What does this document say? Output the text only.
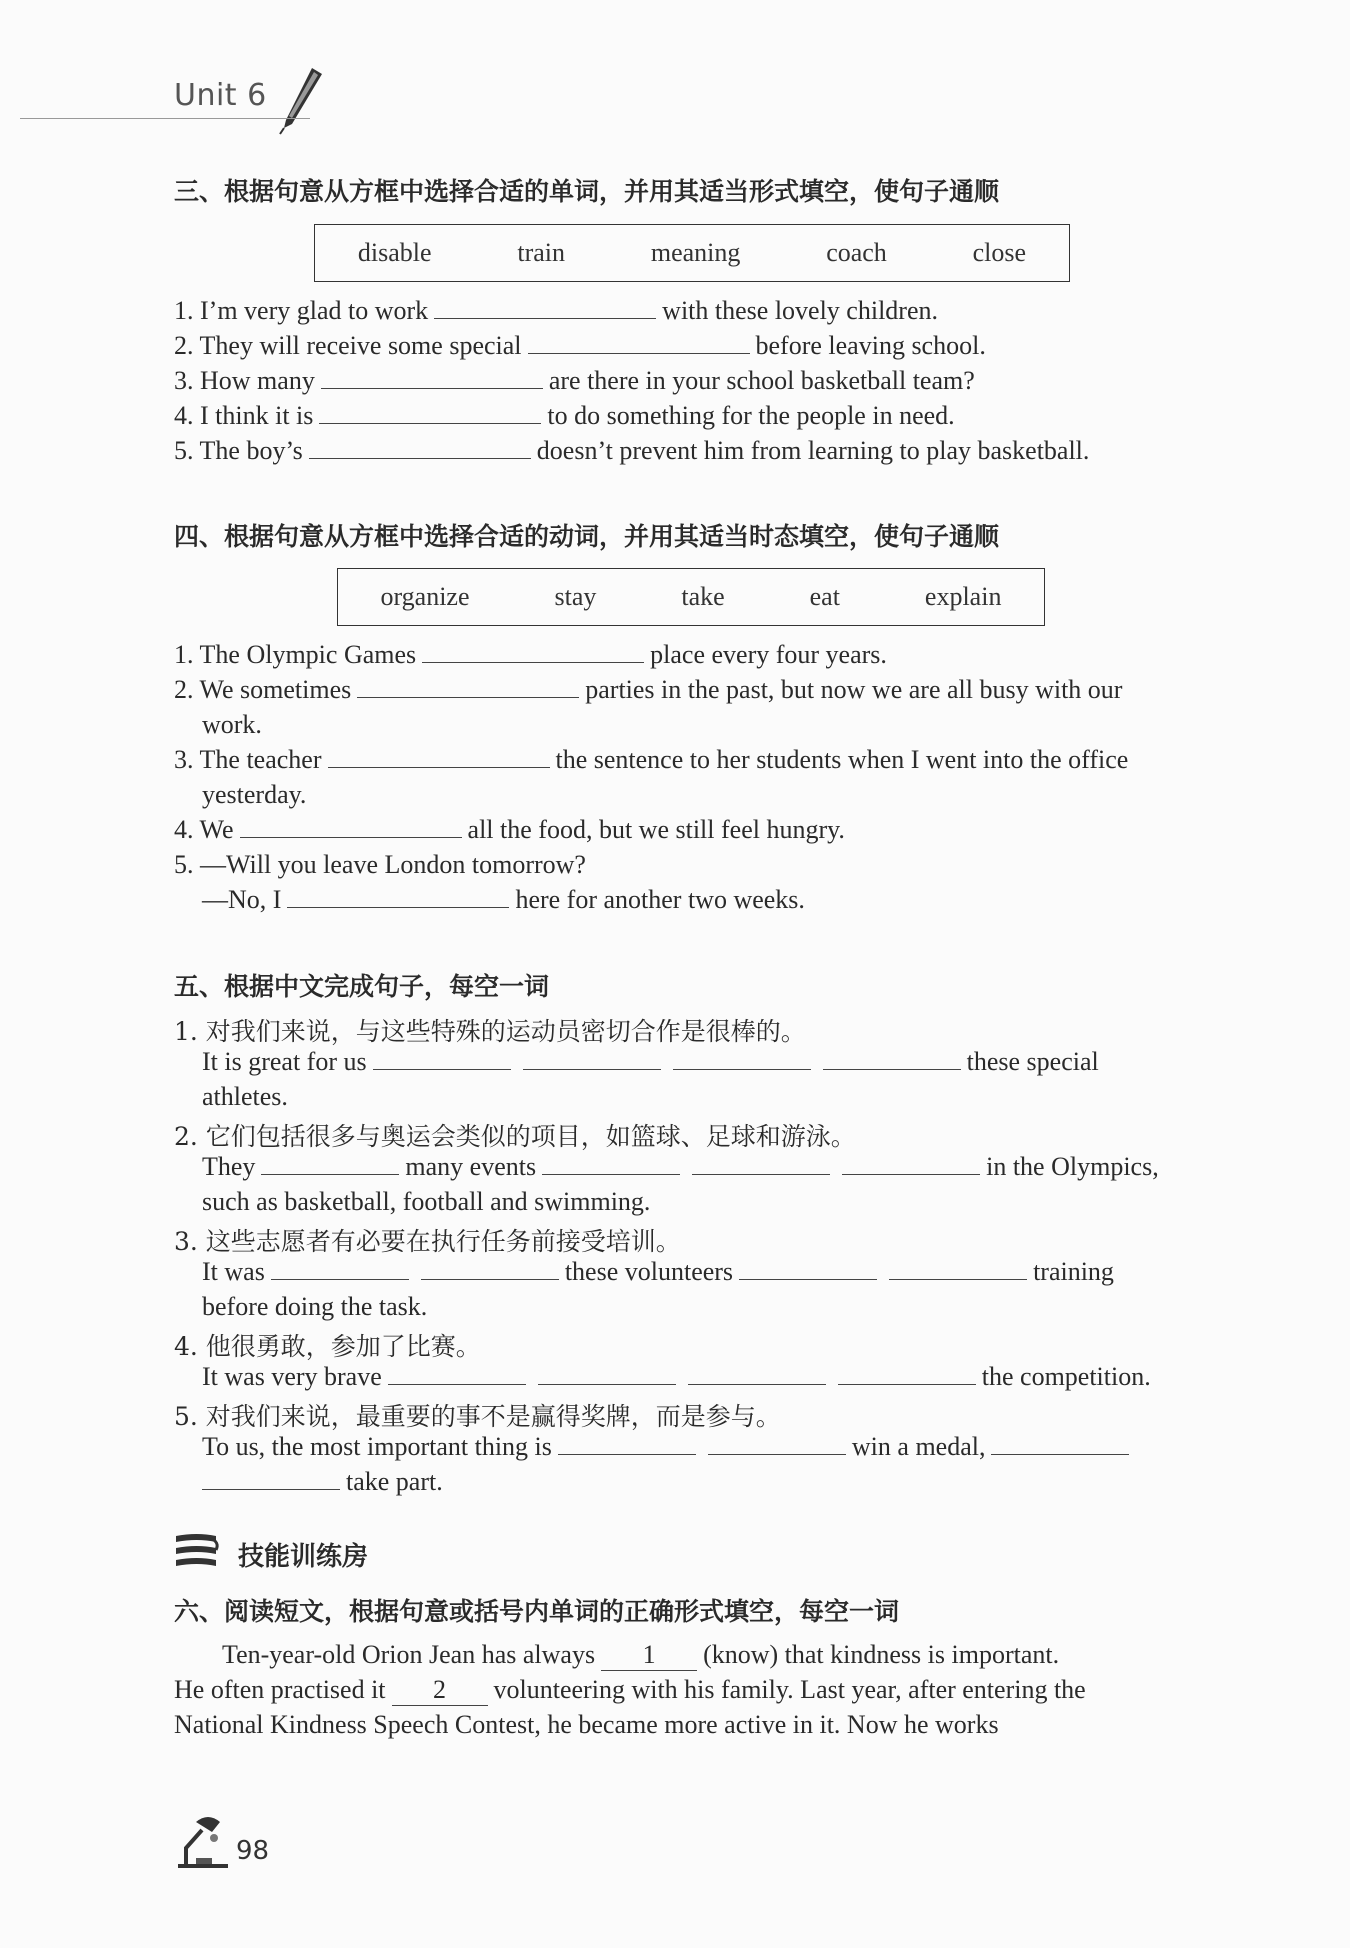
Unit 6
三、根据句意从方框中选择合适的单词，并用其适当形式填空，使句子通顺
disable	train	meaning	coach	close
1. I’m very glad to work	with these lovely children.
2. They will receive some special	before leaving school.
3. How many	are there in your school basketball team?
4. I think it is	to do something for the people in need.
5. The boy’s	doesn’t prevent him from learning to play basketball.
四、根据句意从方框中选择合适的动词，并用其适当时态填空，使句子通顺
organize	stay	take	eat	explain
1. The Olympic Games	place every four years.
2. We sometimes	parties in the past, but now we are all busy with our
work.
3. The teacher	the sentence to her students when I went into the office
yesterday.
4. We	all the food, but we still feel hungry.
5. —Will you leave London tomorrow?
—No, I	here for another two weeks.
五、根据中文完成句子，每空一词
1. 对我们来说，与这些特殊的运动员密切合作是很棒的。
It is great for us	these special
athletes.
2. 它们包括很多与奥运会类似的项目，如篮球、足球和游泳。
They	many events	in the Olympics,
such as basketball, football and swimming.
3. 这些志愿者有必要在执行任务前接受培训。
It was	these volunteers	training
before doing the task.
4. 他很勇敢，参加了比赛。
It was very brave	the competition.
5. 对我们来说，最重要的事不是赢得奖牌，而是参与。
To us, the most important thing is	win a medal,
take part.
技能训练房
六、阅读短文，根据句意或括号内单词的正确形式填空，每空一词
Ten-year-old Orion Jean has always 1 (know) that kindness is important.
He often practised it 2 volunteering with his family. Last year, after entering the
National Kindness Speech Contest, he became more active in it. Now he works
98
